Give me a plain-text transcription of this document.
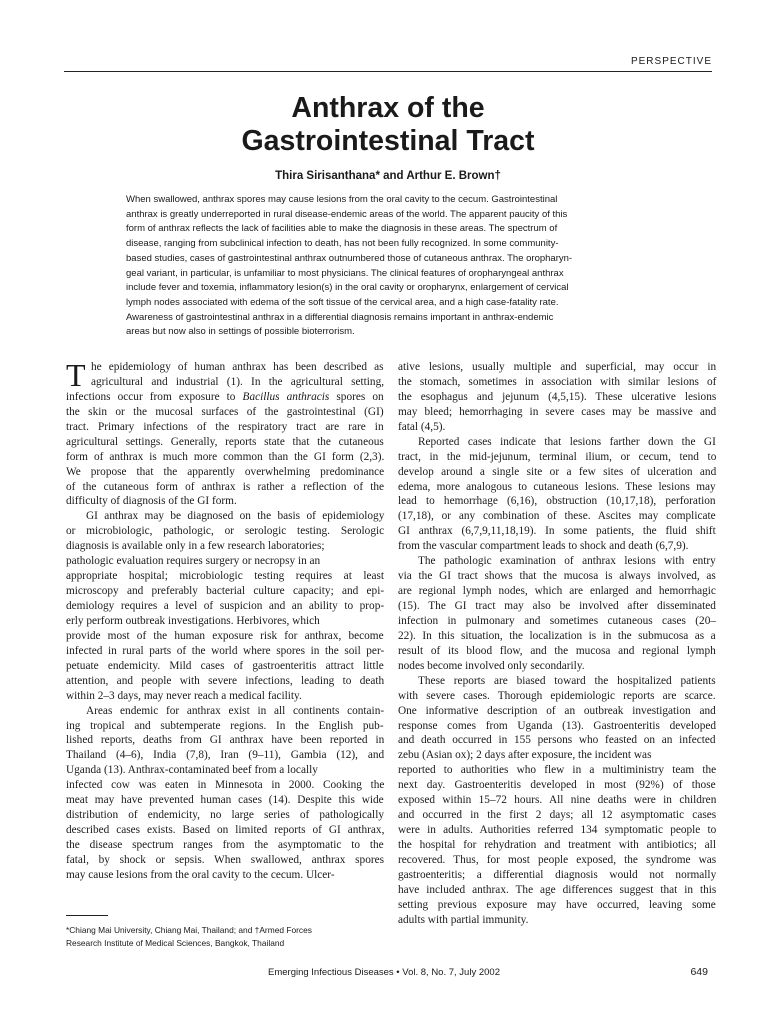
PERSPECTIVE
Anthrax of the
Gastrointestinal Tract
Thira Sirisanthana* and Arthur E. Brown†
When swallowed, anthrax spores may cause lesions from the oral cavity to the cecum. Gastrointestinal
anthrax is greatly underreported in rural disease-endemic areas of the world. The apparent paucity of this
form of anthrax reflects the lack of facilities able to make the diagnosis in these areas. The spectrum of
disease, ranging from subclinical infection to death, has not been fully recognized. In some community-
based studies, cases of gastrointestinal anthrax outnumbered those of cutaneous anthrax. The oropharyn-
geal variant, in particular, is unfamiliar to most physicians. The clinical features of oropharyngeal anthrax
include fever and toxemia, inflammatory lesion(s) in the oral cavity or oropharynx, enlargement of cervical
lymph nodes associated with edema of the soft tissue of the cervical area, and a high case-fatality rate.
Awareness of gastrointestinal anthrax in a differential diagnosis remains important in anthrax-endemic
areas but now also in settings of possible bioterrorism.
T he epidemiology of human anthrax has been described as
agricultural and industrial (1). In the agricultural setting,
infections occur from exposure to Bacillus anthracis spores on
the skin or the mucosal surfaces of the gastrointestinal (GI)
tract. Primary infections of the respiratory tract are rare in
agricultural settings. Generally, reports state that the cutaneous
form of anthrax is much more common than the GI form (2,3).
We propose that the apparently overwhelming predominance
of the cutaneous form of anthrax is rather a reflection of the
difficulty of diagnosis of the GI form.
GI anthrax may be diagnosed on the basis of epidemiology
or microbiologic, pathologic, or serologic testing. Serologic
diagnosis is available only in a few research laboratories;
pathologic evaluation requires surgery or necropsy in an
appropriate hospital; microbiologic testing requires at least
microscopy and preferably bacterial culture capacity; and epi-
demiology requires a level of suspicion and an ability to prop-
erly perform outbreak investigations. Herbivores, which
provide most of the human exposure risk for anthrax, become
infected in rural parts of the world where spores in the soil per-
petuate endemicity. Mild cases of gastroenteritis attract little
attention, and people with severe infections, leading to death
within 2–3 days, may never reach a medical facility.
Areas endemic for anthrax exist in all continents contain-
ing tropical and subtemperate regions. In the English pub-
lished reports, deaths from GI anthrax have been reported in
Thailand (4–6), India (7,8), Iran (9–11), Gambia (12), and
Uganda (13). Anthrax-contaminated beef from a locally
infected cow was eaten in Minnesota in 2000. Cooking the
meat may have prevented human cases (14). Despite this wide
distribution of endemicity, no large series of pathologically
described cases exists. Based on limited reports of GI anthrax,
the disease spectrum ranges from the asymptomatic to the
fatal, by shock or sepsis. When swallowed, anthrax spores
may cause lesions from the oral cavity to the cecum. Ulcer-
ative lesions, usually multiple and superficial, may occur in
the stomach, sometimes in association with similar lesions of
the esophagus and jejunum (4,5,15). These ulcerative lesions
may bleed; hemorrhaging in severe cases may be massive and
fatal (4,5).
Reported cases indicate that lesions farther down the GI
tract, in the mid-jejunum, terminal ilium, or cecum, tend to
develop around a single site or a few sites of ulceration and
edema, more analogous to cutaneous lesions. These lesions may
lead to hemorrhage (6,16), obstruction (10,17,18), perforation
(17,18), or any combination of these. Ascites may complicate
GI anthrax (6,7,9,11,18,19). In some patients, the fluid shift
from the vascular compartment leads to shock and death (6,7,9).
The pathologic examination of anthrax lesions with entry
via the GI tract shows that the mucosa is always involved, as
are regional lymph nodes, which are enlarged and hemorrhagic
(15). The GI tract may also be involved after disseminated
infection in pulmonary and sometimes cutaneous cases (20–
22). In this situation, the localization is in the submucosa as a
result of its blood flow, and the mucosa and regional lymph
nodes become involved only secondarily.
These reports are biased toward the hospitalized patients
with severe cases. Thorough epidemiologic reports are scarce.
One informative description of an outbreak investigation and
response comes from Uganda (13). Gastroenteritis developed
and death occurred in 155 persons who feasted on an infected
zebu (Asian ox); 2 days after exposure, the incident was
reported to authorities who flew in a multiministry team the
next day. Gastroenteritis developed in most (92%) of those
exposed within 15–72 hours. All nine deaths were in children
and occurred in the first 2 days; all 12 asymptomatic cases
were in adults. Authorities referred 134 symptomatic people to
the hospital for rehydration and treatment with antibiotics; all
recovered. Thus, for most people exposed, the syndrome was
gastroenteritis; a differential diagnosis would not normally
have included anthrax. The age differences suggest that in this
setting previous exposure may have occurred, leaving some
adults with partial immunity.
*Chiang Mai University, Chiang Mai, Thailand; and †Armed Forces
Research Institute of Medical Sciences, Bangkok, Thailand
Emerging Infectious Diseases • Vol. 8, No. 7, July 2002	649
